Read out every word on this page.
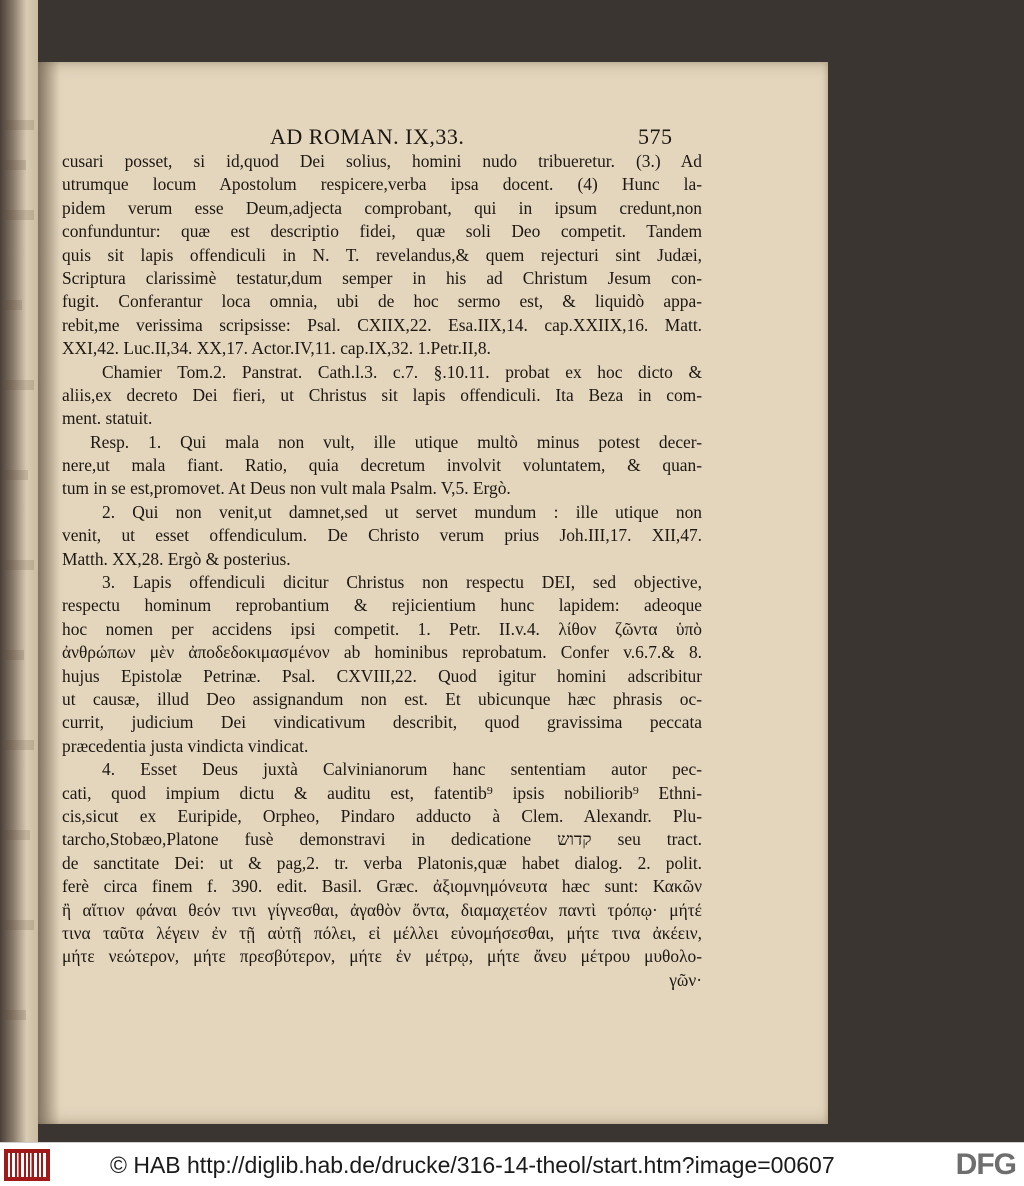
AD ROMAN. IX,33.	575
cusari posset, si id,quod Dei solius, homini nudo tribueretur. (3.) Ad
utrumque locum Apostolum respicere,verba ipsa docent. (4) Hunc la-
pidem verum esse Deum,adjecta comprobant, qui in ipsum credunt,non
confunduntur: quæ est descriptio fidei, quæ soli Deo competit. Tandem
quis sit lapis offendiculi in N. T. revelandus,& quem rejecturi sint Judæi,
Scriptura clarissimè testatur,dum semper in his ad Christum Jesum con-
fugit. Conferantur loca omnia, ubi de hoc sermo est, & liquidò appa-
rebit,me verissima scripsisse: Psal. CXIIX,22. Esa.IIX,14. cap.XXIIX,16. Matt.
XXI,42. Luc.II,34. XX,17. Actor.IV,11. cap.IX,32. 1.Petr.II,8.
Chamier Tom.2. Panstrat. Cath.l.3. c.7. §.10.11. probat ex hoc dicto &
aliis,ex decreto Dei fieri, ut Christus sit lapis offendiculi. Ita Beza in com-
ment. statuit.
Resp. 1. Qui mala non vult, ille utique multò minus potest decer-
nere,ut mala fiant. Ratio, quia decretum involvit voluntatem, & quan-
tum in se est,promovet. At Deus non vult mala Psalm. V,5. Ergò.
2. Qui non venit,ut damnet,sed ut servet mundum : ille utique non
venit, ut esset offendiculum. De Christo verum prius Joh.III,17. XII,47.
Matth. XX,28. Ergò & posterius.
3. Lapis offendiculi dicitur Christus non respectu DEI, sed objective,
respectu hominum reprobantium & rejicientium hunc lapidem: adeoque
hoc nomen per accidens ipsi competit. 1. Petr. II.v.4. λίθον ζῶντα ὑπὸ
ἀνθρώπων μὲν ἀποδεδοκιμασμένον ab hominibus reprobatum. Confer v.6.7.& 8.
hujus Epistolæ Petrinæ. Psal. CXVIII,22. Quod igitur homini adscribitur
ut causæ, illud Deo assignandum non est. Et ubicunque hæc phrasis oc-
currit, judicium Dei vindicativum describit, quod gravissima peccata
præcedentia justa vindicta vindicat.
4. Esset Deus juxtà Calvinianorum hanc sententiam autor pec-
cati, quod impium dictu & auditu est, fatentib⁹ ipsis nobiliorib⁹ Ethni-
cis,sicut ex Euripide, Orpheo, Pindaro adducto à Clem. Alexandr. Plu-
tarcho,Stobæo,Platone fusè demonstravi in dedicatione קדוש seu tract.
de sanctitate Dei: ut & pag,2. tr. verba Platonis,quæ habet dialog. 2. polit.
ferè circa finem f. 390. edit. Basil. Græc. ἀξιομνημόνευτα hæc sunt: Κακῶν
ἢ αἴτιον φάναι θεόν τινι γίγνεσθαι, ἀγαθὸν ὄντα, διαμαχετέον παντὶ τρόπῳ· μήτέ
τινα ταῦτα λέγειν ἐν τῇ αὐτῇ πόλει, εἰ μέλλει εὐνομήσεσθαι, μήτε τινα ἀκέειν,
μήτε νεώτερον, μήτε πρεσβύτερον, μήτε ἐν μέτρῳ, μήτε ἄνευ μέτρου μυθολο-
γῶν·
© HAB http://diglib.hab.de/drucke/316-14-theol/start.htm?image=00607	DFG
